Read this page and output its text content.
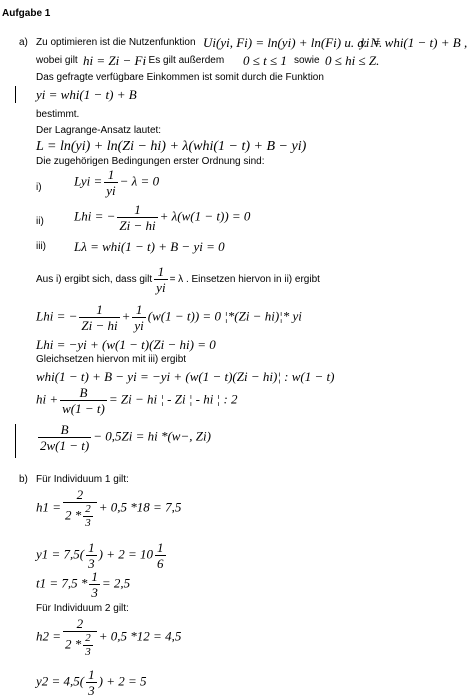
Aufgabe 1
a) Zu optimieren ist die Nutzenfunktion Ui(yi, Fi) = ln(yi) + ln(Fi) u. d. N.
yi = whi(1 − t) + B ,
wobei gilt hi = Zi − Fi
. Es gilt außerdem 0 ≤ t ≤ 1 sowie 0 ≤ hi ≤ Z.
Das gefragte verfügbare Einkommen ist somit durch die Funktion
yi = whi(1 − t) + B
bestimmt.
Der Lagrange-Ansatz lautet:
L = ln(yi) + ln(Zi − hi) + λ(whi(1 − t) + B − yi)
Die zugehörigen Bedingungen erster Ordnung sind:
i) Lyi = $\frac{1}{yi} - \lambda = 0$
ii) Lhi = − $\frac{1}{Zi - hi} + \lambda(w(1 - t)) = 0$
iii) Lλ = whi(1 − t) + B − yi = 0
Aus i) ergibt sich, dass gilt $\frac{1}{yi} = \lambda$ . Einsetzen hiervon in ii) ergibt
Lhi = − $\frac{1}{Zi - hi} + \frac{1}{yi} (w(1 - t)) = 0$ ¦*(Zi − hi)¦* yi
Lhi = −yi + (w(1 − t)(Zi − hi) = 0
Gleichsetzen hiervon mit iii) ergibt
whi(1 − t) + B − yi = −yi + (w(1 − t)(Zi − hi)¦ : w(1 − t)
hi + $\frac{B}{w(1 - t)} = Zi$ − hi ¦ - Zi ¦ - hi ¦ : 2
$\frac{B}{2w(1 - t)} - 0,5Zi$ = hi *(w−, Zi)
b) Für Individuum 1 gilt:
$h1 = \frac{2}{2 * \frac{2}{3}} + 0,5$ *18 = 7,5
$y1 = 7,5( \frac{1}{3}$ ) + $2 = 10 \frac{1}{6}$
$t1 = 7,5 * \frac{1}{3} = 2,5$
Für Individuum 2 gilt:
$h2 = \frac{2}{2 * \frac{2}{3}} + 0,5$ *12 = 4,5
$y2 = 4,5( \frac{1}{3}$ ) + 2 = 5
